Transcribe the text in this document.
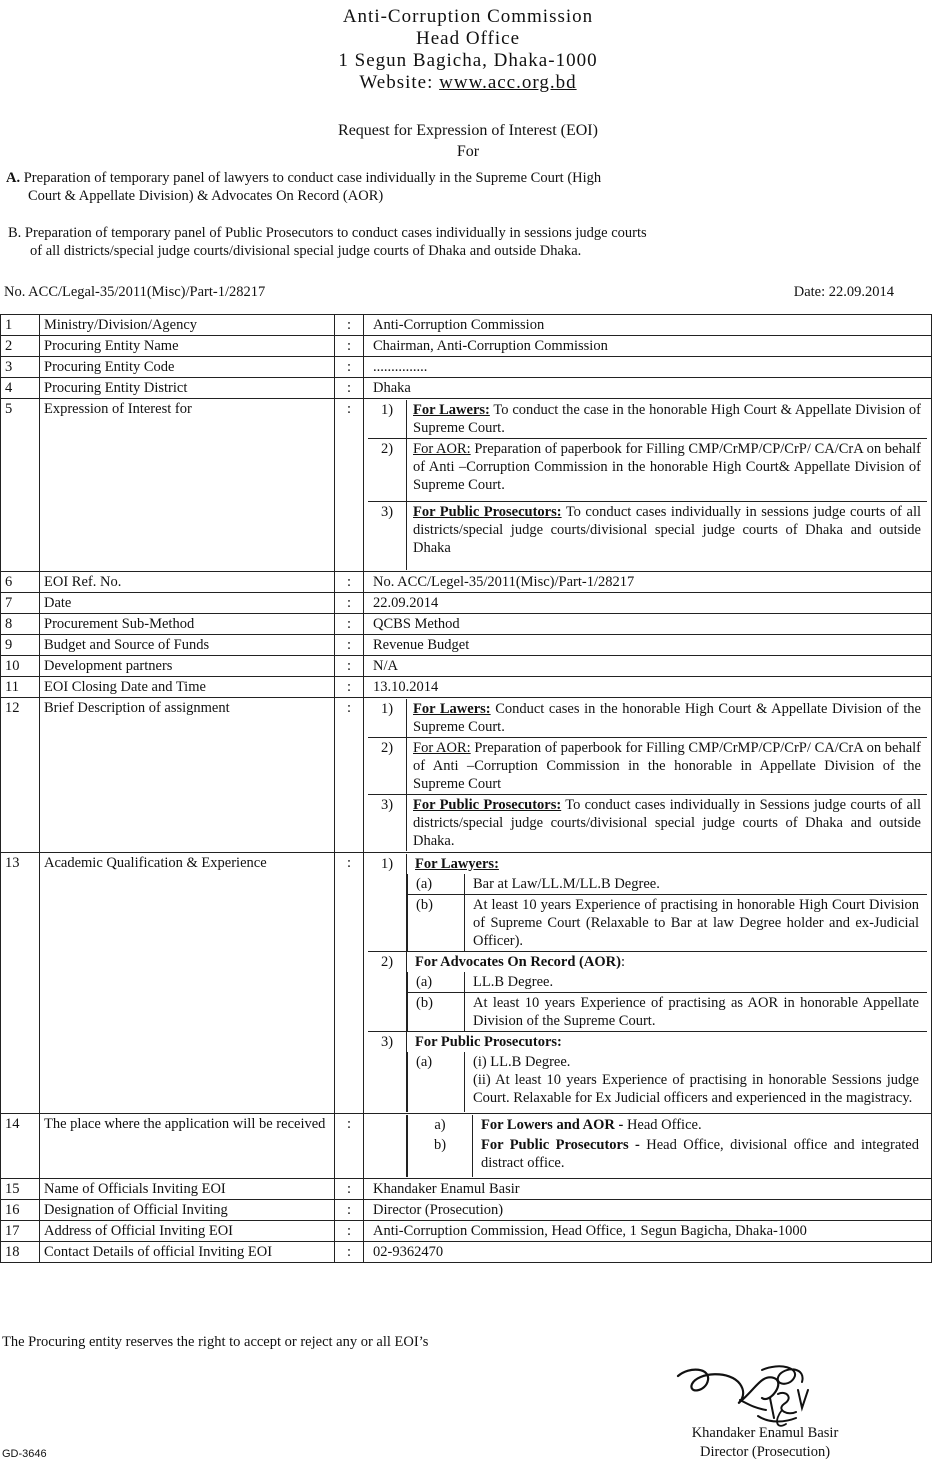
Anti-Corruption Commission
Head Office
1 Segun Bagicha, Dhaka-1000
Website: www.acc.org.bd
Request for Expression of Interest (EOI)
For
A. Preparation of temporary panel of lawyers to conduct case individually in the Supreme Court (High
Court & Appellate Division) & Advocates On Record (AOR)
B. Preparation of temporary panel of Public Prosecutors to conduct cases individually in sessions judge courts
of all districts/special judge courts/divisional special judge courts of Dhaka and outside Dhaka.
No. ACC/Legal-35/2011(Misc)/Part-1/28217	Date: 22.09.2014
1	Ministry/Division/Agency	:	Anti-Corruption Commission
2	Procuring Entity Name	:	Chairman, Anti-Corruption Commission
3	Procuring Entity Code	:	...............
4	Procuring Entity District	:	Dhaka
5	Expression of Interest for	:	1)	For Lawers: To conduct the case in the honorable High Court & Appellate Division of Supreme Court.
2)	For AOR: Preparation of paperbook for Filling CMP/CrMP/CP/CrP/ CA/CrA on behalf of Anti –Corruption Commission in the honorable High Court& Appellate Division of Supreme Court.

3)	For Public Prosecutors: To conduct cases individually in sessions judge courts of all districts/special judge courts/divisional special judge courts of Dhaka and outside Dhaka

6	EOI Ref. No.	:	No. ACC/Legel-35/2011(Misc)/Part-1/28217
7	Date	:	22.09.2014
8	Procurement Sub-Method	:	QCBS Method
9	Budget and Source of Funds	:	Revenue Budget
10	Development partners	:	N/A
11	EOI Closing Date and Time	:	13.10.2014
12	Brief Description of assignment	:	1)	For Lawers: Conduct cases in the honorable High Court & Appellate Division of the Supreme Court.
2)	For AOR: Preparation of paperbook for Filling CMP/CrMP/CP/CrP/ CA/CrA on behalf of Anti –Corruption Commission in the honorable in Appellate Division of the Supreme Court
3)	For Public Prosecutors: To conduct cases individually in Sessions judge courts of all districts/special judge courts/divisional special judge courts of Dhaka and outside Dhaka.

13	Academic Qualification & Experience	:	1)	For Lawyers:
(a)	Bar at Law/LL.M/LL.B Degree.
(b)	At least 10 years Experience of practising in honorable High Court Division of Supreme Court (Relaxable to Bar at law Degree holder and ex-Judicial Officer).

2)	For Advocates On Record (AOR):
(a)	LL.B Degree.
(b)	At least 10 years Experience of practising as AOR in honorable Appellate Division of the Supreme Court.

3)	For Public Prosecutors:
(a)	(i) LL.B Degree.
(ii) At least 10 years Experience of practising in honorable Sessions judge Court. Relaxable for Ex Judicial officers and experienced in the magistracy.

14	The place where the application will be received	:	
		a)	For Lowers and AOR - Head Office.
b)	For Public Prosecutors - Head Office, divisional office and integrated distract office.

15	Name of Officials Inviting EOI	:	Khandaker Enamul Basir
16	Designation of Official Inviting	:	Director (Prosecution)
17	Address of Official Inviting EOI	:	Anti-Corruption Commission, Head Office, 1 Segun Bagicha, Dhaka-1000
18	Contact Details of official Inviting EOI	:	02-9362470
The Procuring entity reserves the right to accept or reject any or all EOI’s
Khandaker Enamul Basir
Director (Prosecution)
GD-3646
